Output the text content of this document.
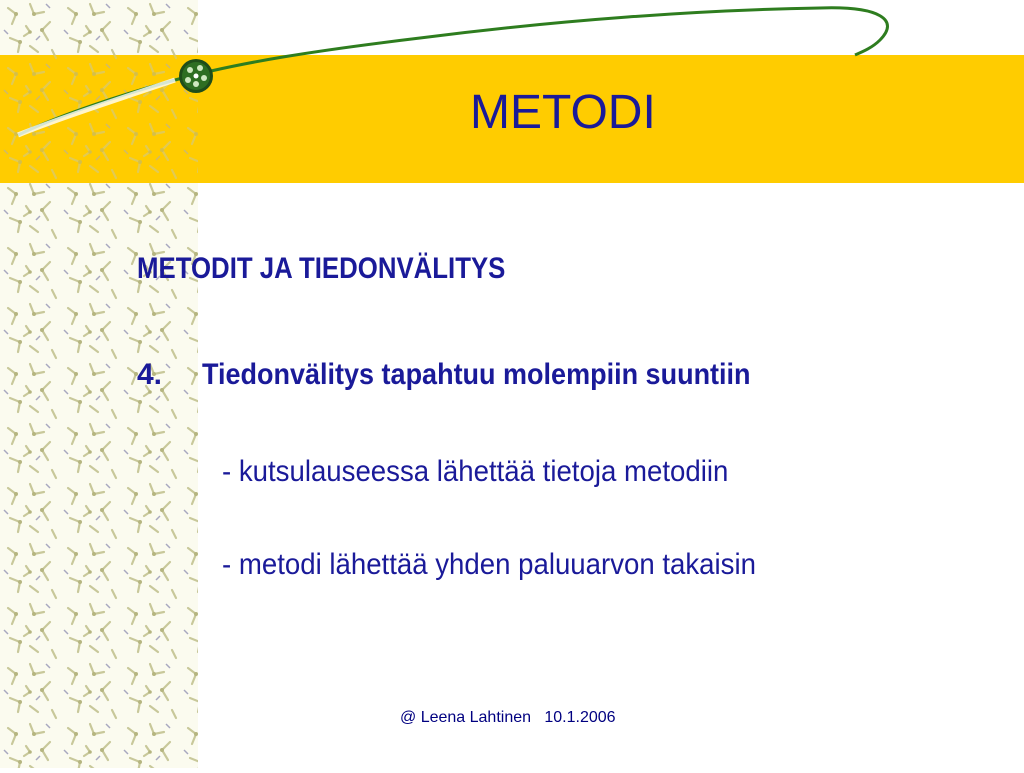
METODI
METODIT JA TIEDONVÄLITYS
4. Tiedonvälitys tapahtuu molempiin suuntiin
- kutsulauseessa lähettää tietoja metodiin
- metodi lähettää yhden paluuarvon takaisin
@ Leena Lahtinen   10.1.2006
